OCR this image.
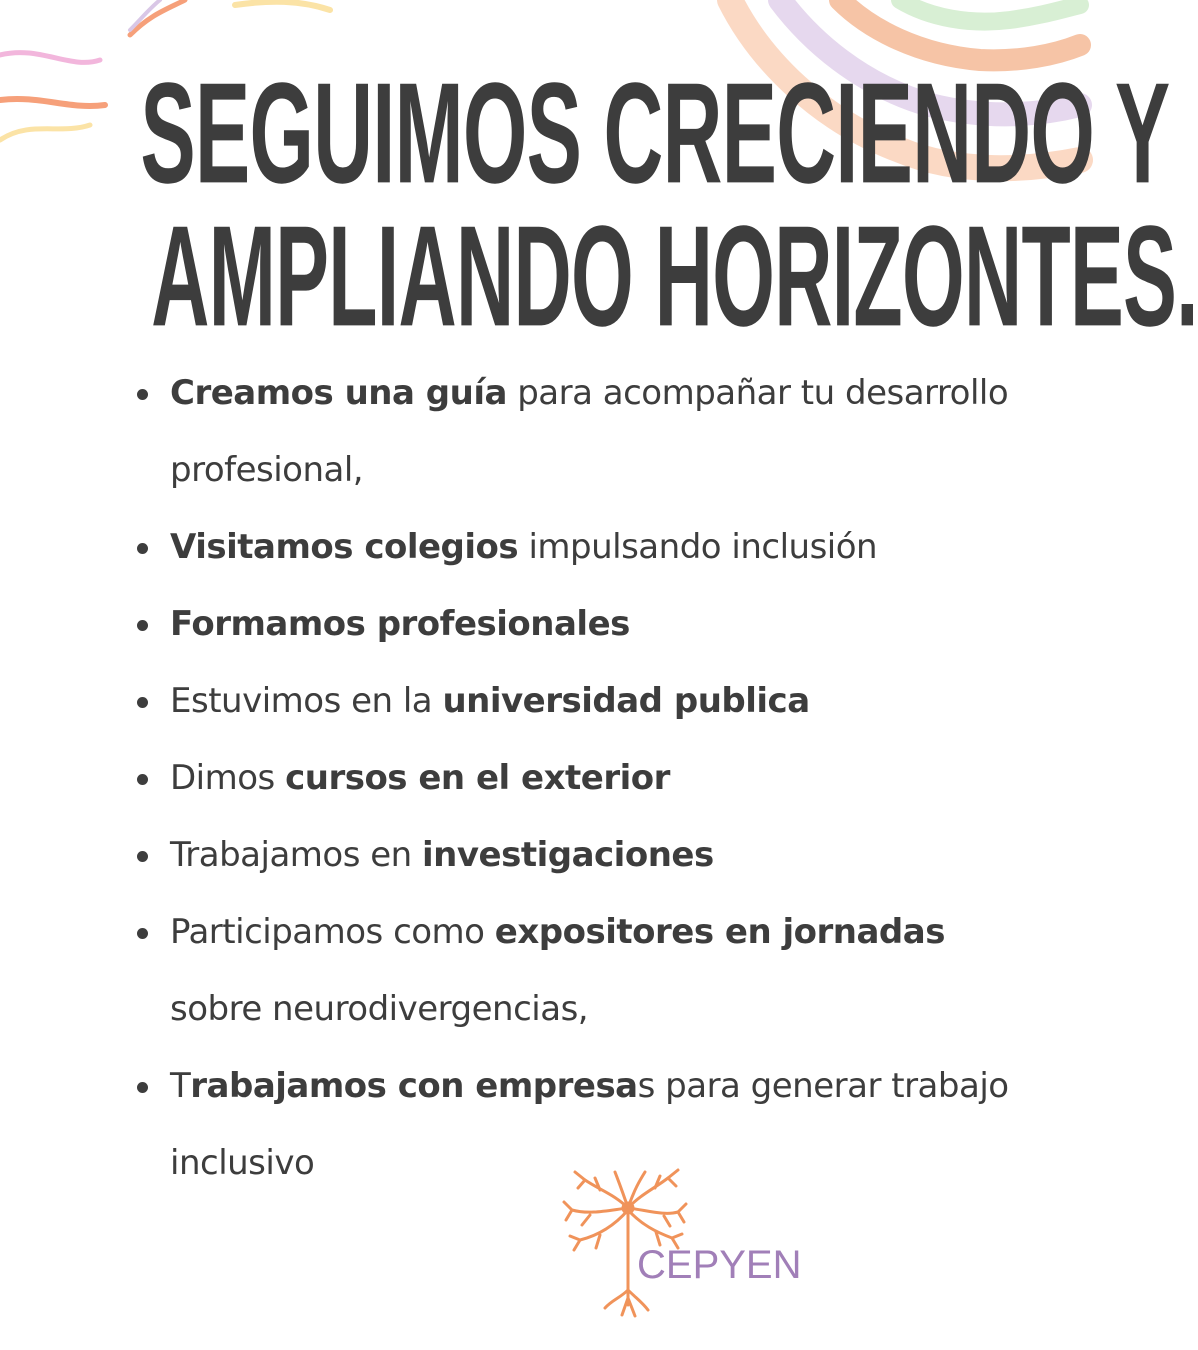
SEGUIMOS CRECIENDO Y
AMPLIANDO HORIZONTES.
Creamos una guía para acompañar tu desarrollo profesional,
Visitamos colegios impulsando inclusión
Formamos profesionales
Estuvimos en la universidad publica
Dimos cursos en el exterior
Trabajamos en investigaciones
Participamos como expositores en jornadas sobre neurodivergencias,
Trabajamos con empresas para generar trabajo inclusivo
CEPYEN
